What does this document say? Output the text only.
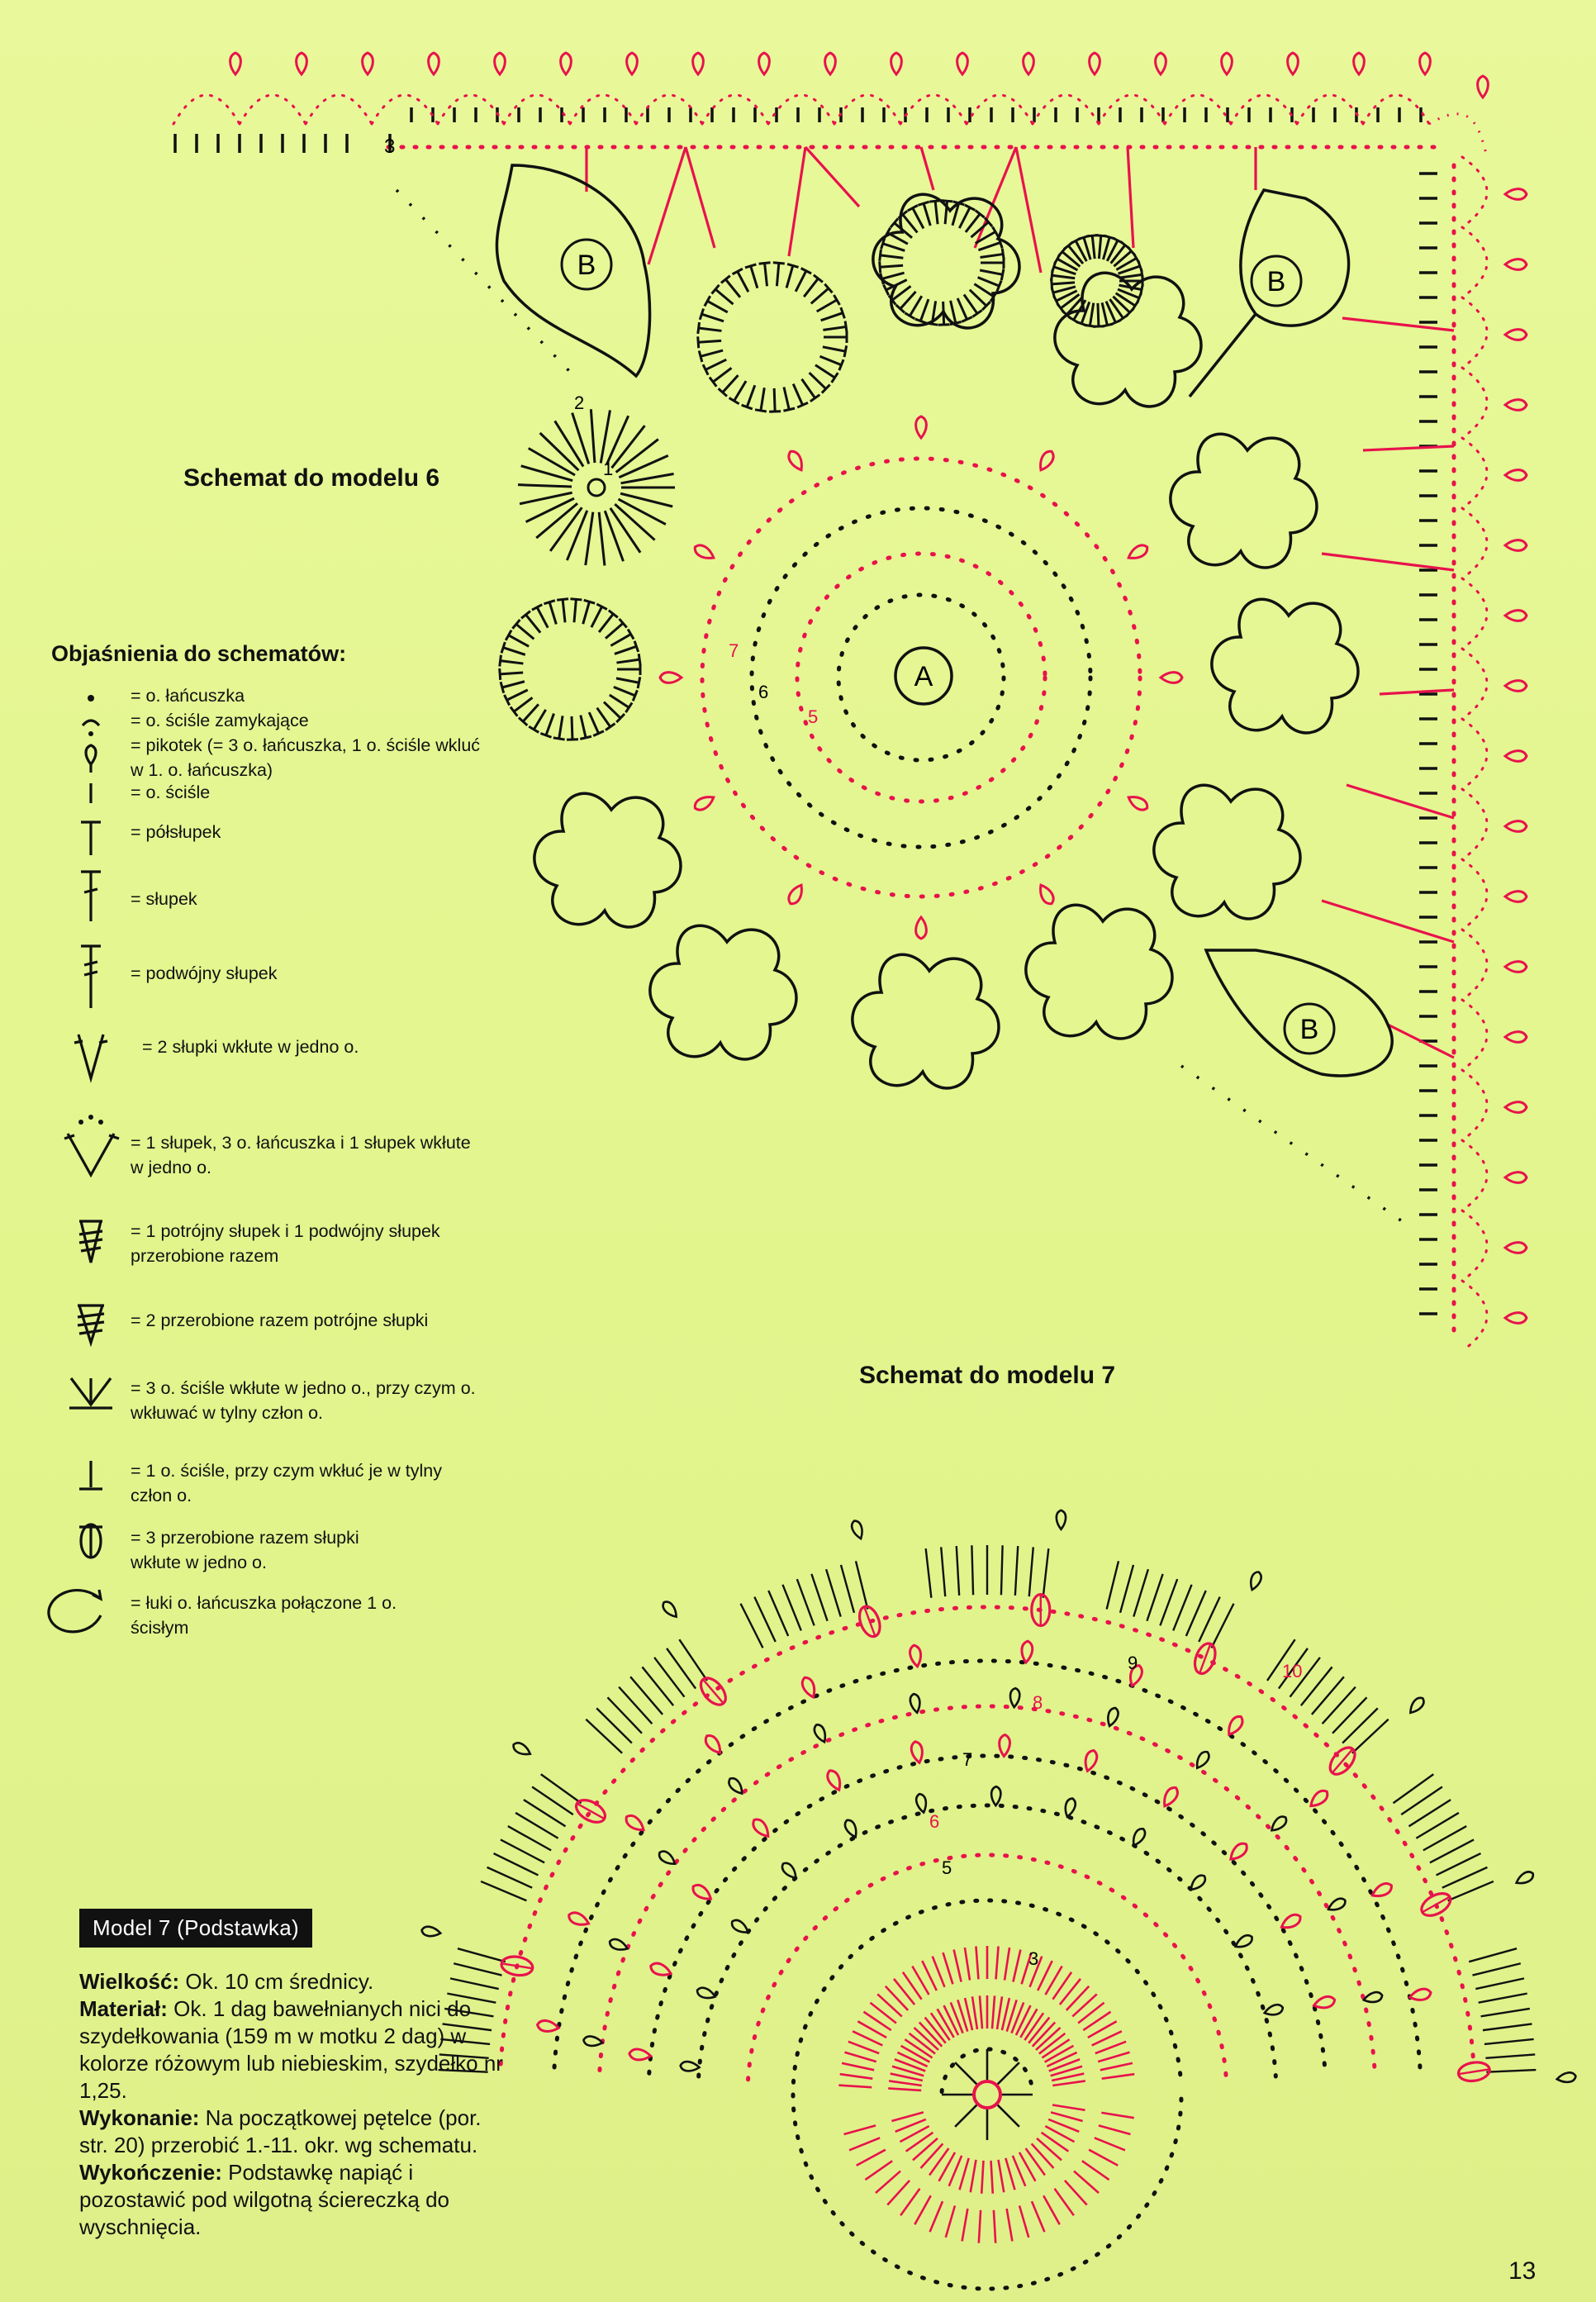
B
B
B
A
7
6
5
1
2
3
3
5
6
7
8
9	10
Schemat do modelu 6
Objaśnienia do schematów:
= o. łańcuszka
= o. ściśle zamykające
= pikotek (= 3 o. łańcuszka, 1 o. ściśle wkluć w 1. o. łańcuszka)
= o. ściśle
= półsłupek
= słupek
= podwójny słupek
= 2 słupki wkłute w jedno o.
= 1 słupek, 3 o. łańcuszka i 1 słupek wkłute w jedno o.
= 1 potrójny słupek i 1 podwójny słupek przerobione razem
= 2 przerobione razem potrójne słupki
= 3 o. ściśle wkłute w jedno o., przy czym o. wkłuwać w tylny człon o.
= 1 o. ściśle, przy czym wkłuć je w tylny człon o.
= 3 przerobione razem słupki wkłute w jedno o.
= łuki o. łańcuszka połączone 1 o. ścisłym
Schemat do modelu 7
Model 7 (Podstawka)
Wielkość: Ok. 10 cm średnicy.
Materiał: Ok. 1 dag bawełnianych nici do szydełkowania (159 m w motku 2 dag) w kolorze różowym lub niebieskim, szydełko nr 1,25.
Wykonanie: Na początkowej pętelce (por. str. 20) przerobić 1.-11. okr. wg schematu.
Wykończenie: Podstawkę napiąć i pozostawić pod wilgotną ściereczką do wyschnięcia.
13
